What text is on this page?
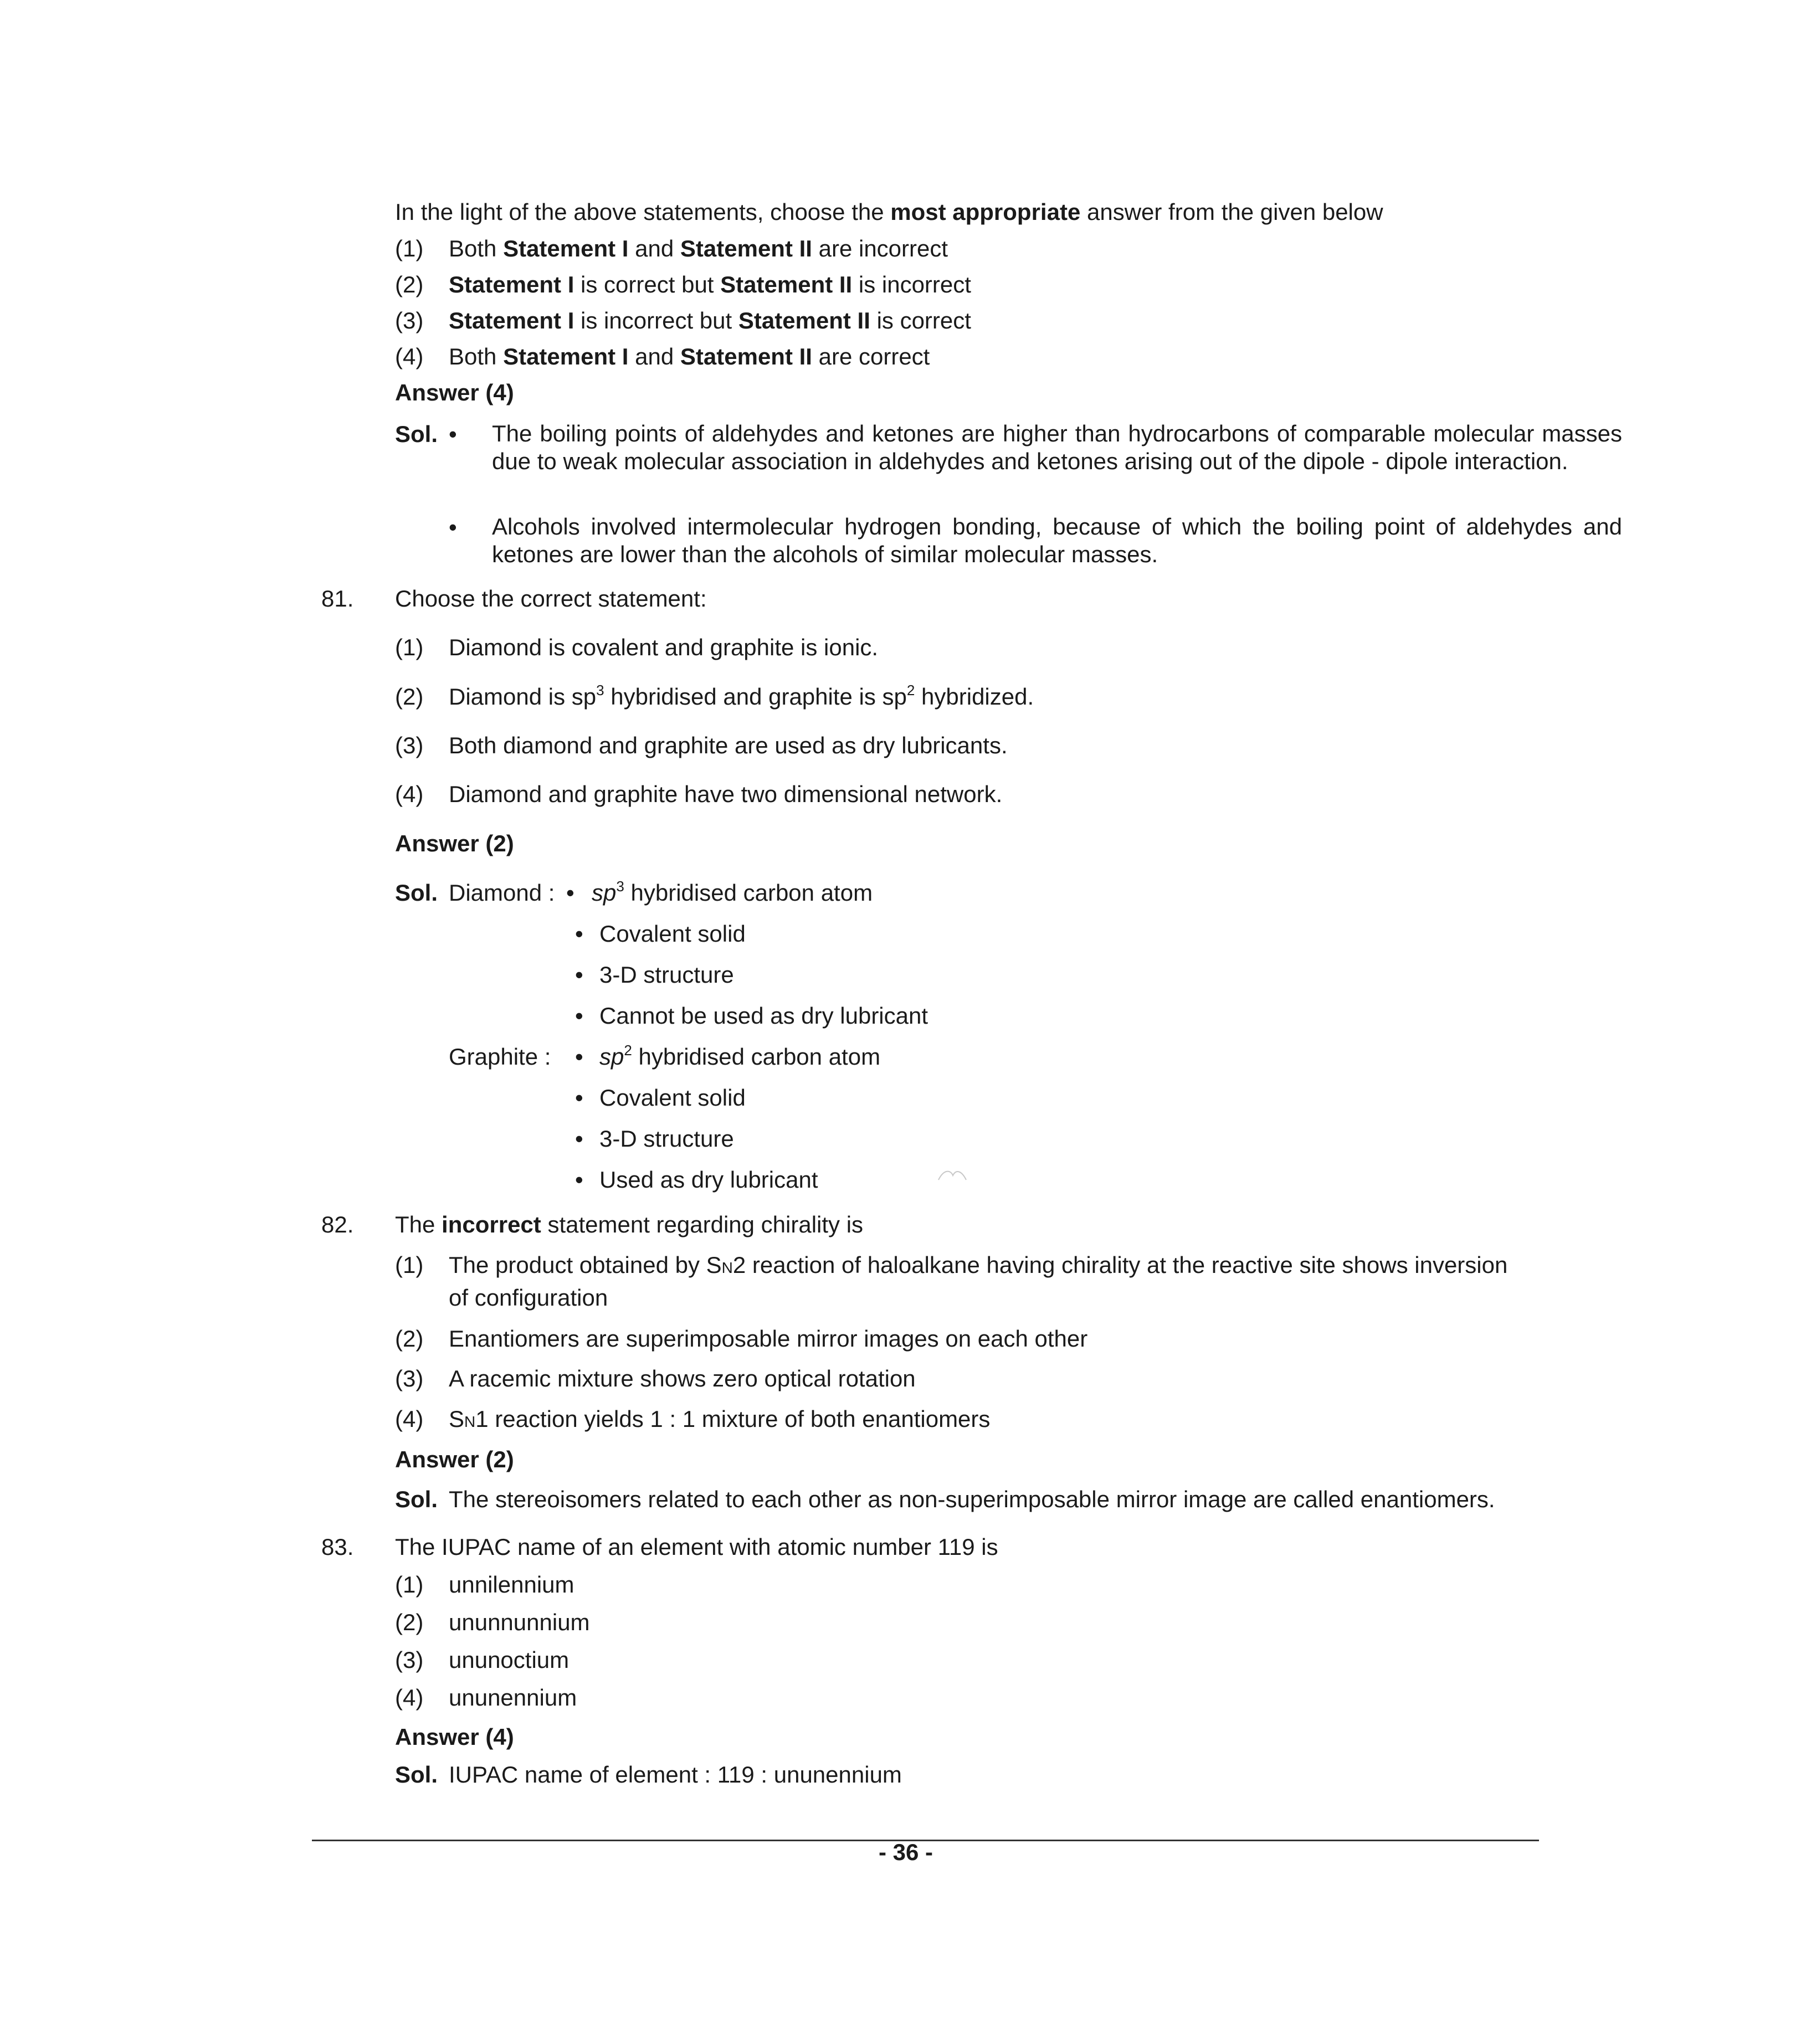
In the light of the above statements, choose the most appropriate answer from the given below
(1) Both Statement I and Statement II are incorrect
(2) Statement I is correct but Statement II is incorrect
(3) Statement I is incorrect but Statement II is correct
(4) Both Statement I and Statement II are correct
Answer (4)
Sol. • The boiling points of aldehydes and ketones are higher than hydrocarbons of comparable molecular masses due to weak molecular association in aldehydes and ketones arising out of the dipole - dipole interaction.
• Alcohols involved intermolecular hydrogen bonding, because of which the boiling point of aldehydes and ketones are lower than the alcohols of similar molecular masses.
81. Choose the correct statement:
(1) Diamond is covalent and graphite is ionic.
(2) Diamond is $sp^3$ hybridised and graphite is $sp^2$ hybridized.
(3) Both diamond and graphite are used as dry lubricants.
(4) Diamond and graphite have two dimensional network.
Answer (2)
Sol. Diamond : • $sp^3$ hybridised carbon atom
• Covalent solid
• 3-D structure
• Cannot be used as dry lubricant
Graphite : • $sp^2$ hybridised carbon atom
• Covalent solid
• 3-D structure
• Used as dry lubricant
82. The incorrect statement regarding chirality is
(1) The product obtained by SN2 reaction of haloalkane having chirality at the reactive site shows inversion
of configuration
(2) Enantiomers are superimposable mirror images on each other
(3) A racemic mixture shows zero optical rotation
(4) SN1 reaction yields 1 : 1 mixture of both enantiomers
Answer (2)
Sol. The stereoisomers related to each other as non-superimposable mirror image are called enantiomers.
83. The IUPAC name of an element with atomic number 119 is
(1) unnilennium
(2) ununnunnium
(3) ununoctium
(4) ununennium
Answer (4)
Sol. IUPAC name of element : 119 : ununennium
- 36 -
